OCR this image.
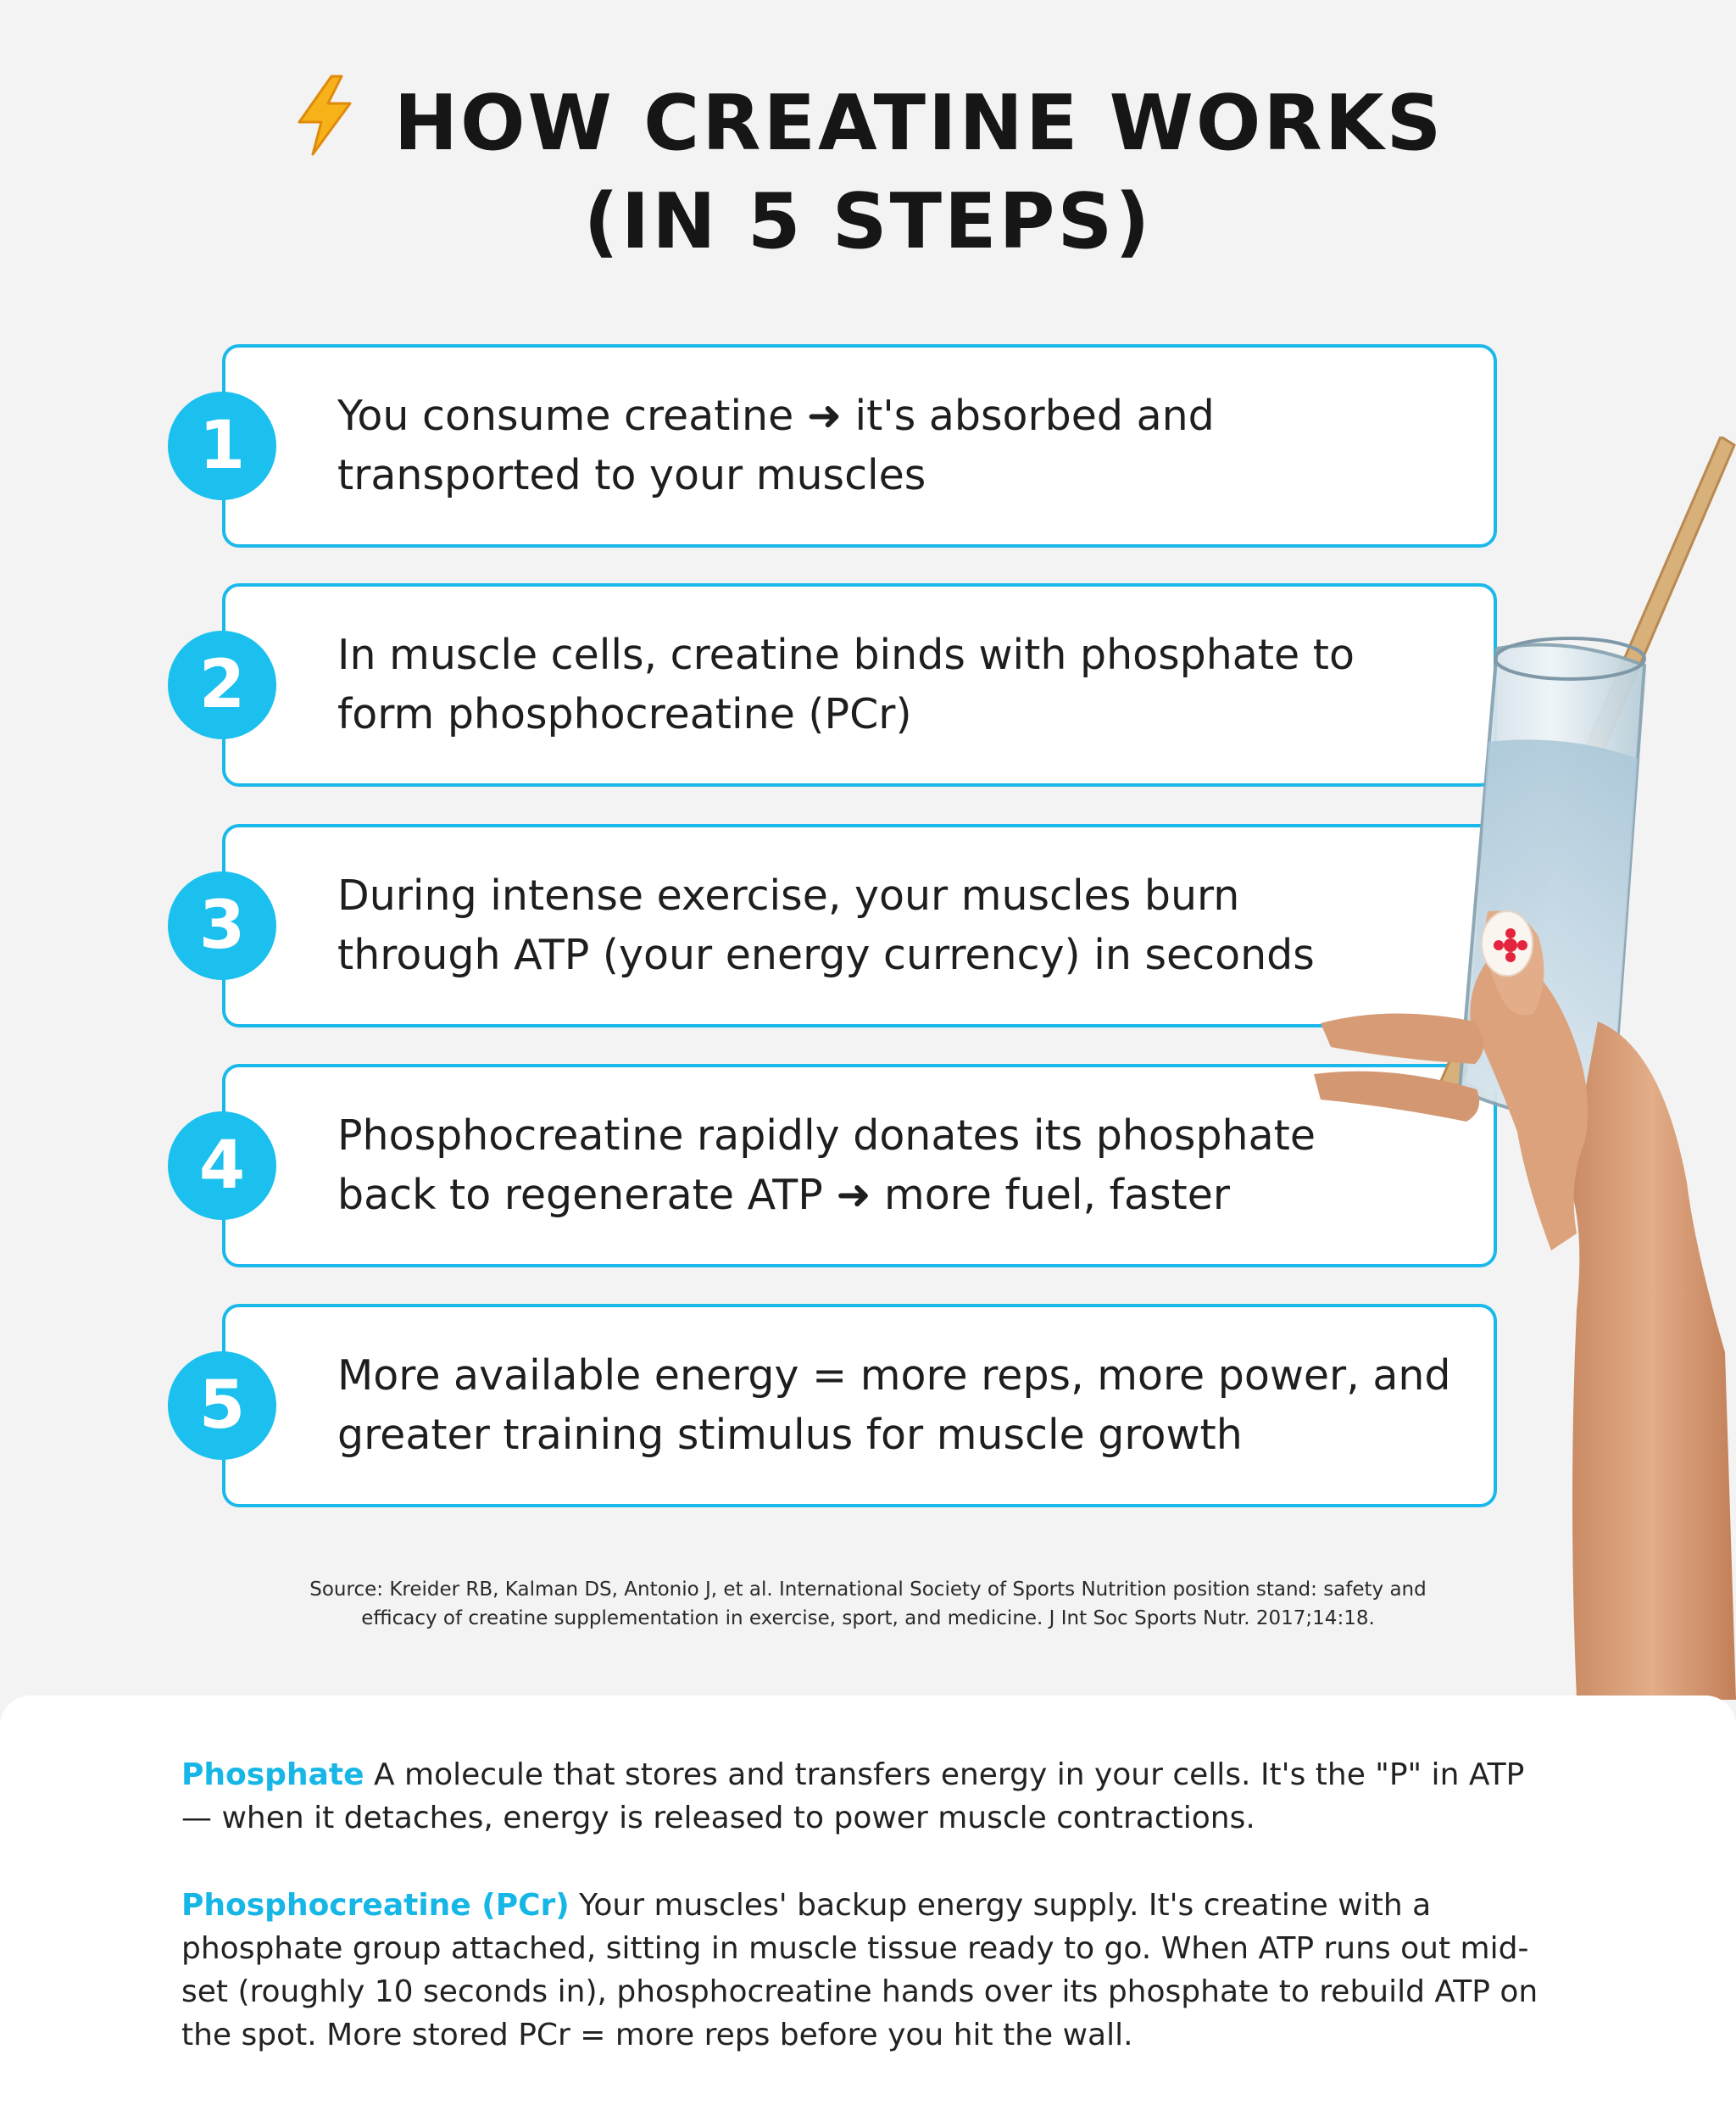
HOW CREATINE WORKS
(IN 5 STEPS)
1	You consume creatine ➜ it's absorbed and
transported to your muscles
2	In muscle cells, creatine binds with phosphate to
form phosphocreatine (PCr)
3	During intense exercise, your muscles burn
through ATP (your energy currency) in seconds
4	Phosphocreatine rapidly donates its phosphate
back to regenerate ATP ➜ more fuel, faster
5	More available energy = more reps, more power, and
greater training stimulus for muscle growth
Source: Kreider RB, Kalman DS, Antonio J, et al. International Society of Sports Nutrition position stand: safety and efficacy of creatine supplementation in exercise, sport, and medicine. J Int Soc Sports Nutr. 2017;14:18.
Phosphate A molecule that stores and transfers energy in your cells. It's the "P" in ATP — when it detaches, energy is released to power muscle contractions.
Phosphocreatine (PCr) Your muscles' backup energy supply. It's creatine with a phosphate group attached, sitting in muscle tissue ready to go. When ATP runs out mid-set (roughly 10 seconds in), phosphocreatine hands over its phosphate to rebuild ATP on the spot. More stored PCr = more reps before you hit the wall.
